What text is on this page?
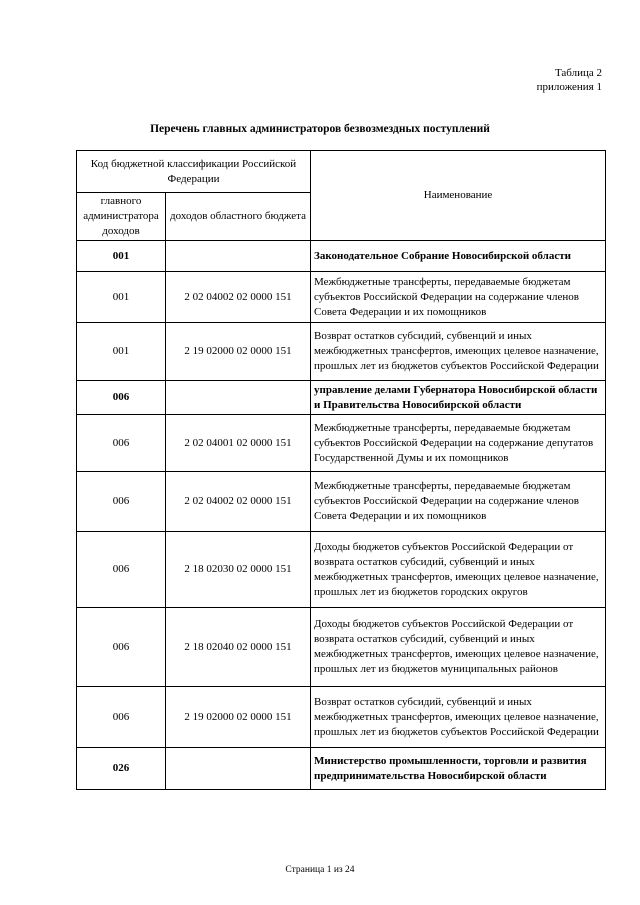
Таблица 2
приложения 1
Перечень главных администраторов безвозмездных поступлений
Код бюджетной классификации Российской Федерации		Наименование
главного администратора доходов	доходов областного бюджета	
001		Законодательное Собрание Новосибирской области
001	2 02 04002 02 0000 151	Межбюджетные трансферты, передаваемые бюджетам субъектов Российской Федерации на содержание членов Совета Федерации и их помощников
001	2 19 02000 02 0000 151	Возврат остатков субсидий, субвенций и иных межбюджетных трансфертов, имеющих целевое назначение, прошлых лет из бюджетов субъектов Российской Федерации
006		управление делами Губернатора Новосибирской области и Правительства Новосибирской области
006	2 02 04001 02 0000 151	Межбюджетные трансферты, передаваемые бюджетам субъектов Российской Федерации на содержание депутатов Государственной Думы и их помощников
006	2 02 04002 02 0000 151	Межбюджетные трансферты, передаваемые бюджетам субъектов Российской Федерации на содержание членов Совета Федерации и их помощников
006	2 18 02030 02 0000 151	Доходы бюджетов субъектов Российской Федерации от возврата остатков субсидий, субвенций и иных межбюджетных трансфертов, имеющих целевое назначение, прошлых лет из бюджетов городских округов
006	2 18 02040 02 0000 151	Доходы бюджетов субъектов Российской Федерации от возврата остатков субсидий, субвенций и иных межбюджетных трансфертов, имеющих целевое назначение, прошлых лет из бюджетов муниципальных районов
006	2 19 02000 02 0000 151	Возврат остатков субсидий, субвенций и иных межбюджетных трансфертов, имеющих целевое назначение, прошлых лет из бюджетов субъектов Российской Федерации
026		Министерство промышленности, торговли и развития предпринимательства Новосибирской области
Страница 1 из 24
